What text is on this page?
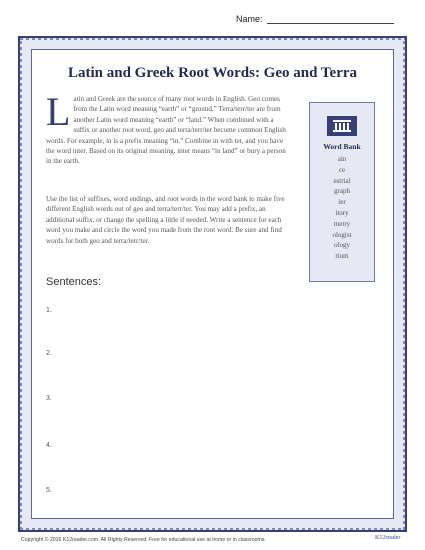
Name:
Latin and Greek Root Words: Geo and Terra
L atin and Greek are the source of many root words in English. Geo comes from the Latin word meaning “earth” or “ground.” Terra/terr/ter are from another Latin word meaning “earth” or “land.” When combined with a suffix or another root word, geo and terra/terr/ter become common English words. For example, in is a prefix meaning “in.” Combine in with ter, and you have the word inter. Based on its original meaning, inter means “in land” or bury a person in the earth.
Use the list of suffixes, word endings, and root words in the word bank to make five different English words out of geo and terra/terr/ter. You may add a prefix, an additional suffix, or change the spelling a little if needed. Write a sentence for each word you make and circle the word you made from the root word. Be sure and find words for both geo and terra/terr/ter.
Word Bank
ain
ce
estrial
graph
ier
itory
metry
ologist
ology
rium
Sentences:
1.
2.
3.
4.
5.
Copyright © 2016 K12reader.com. All Rights Reserved. Free for educational use at home or in classrooms.	K12reader
